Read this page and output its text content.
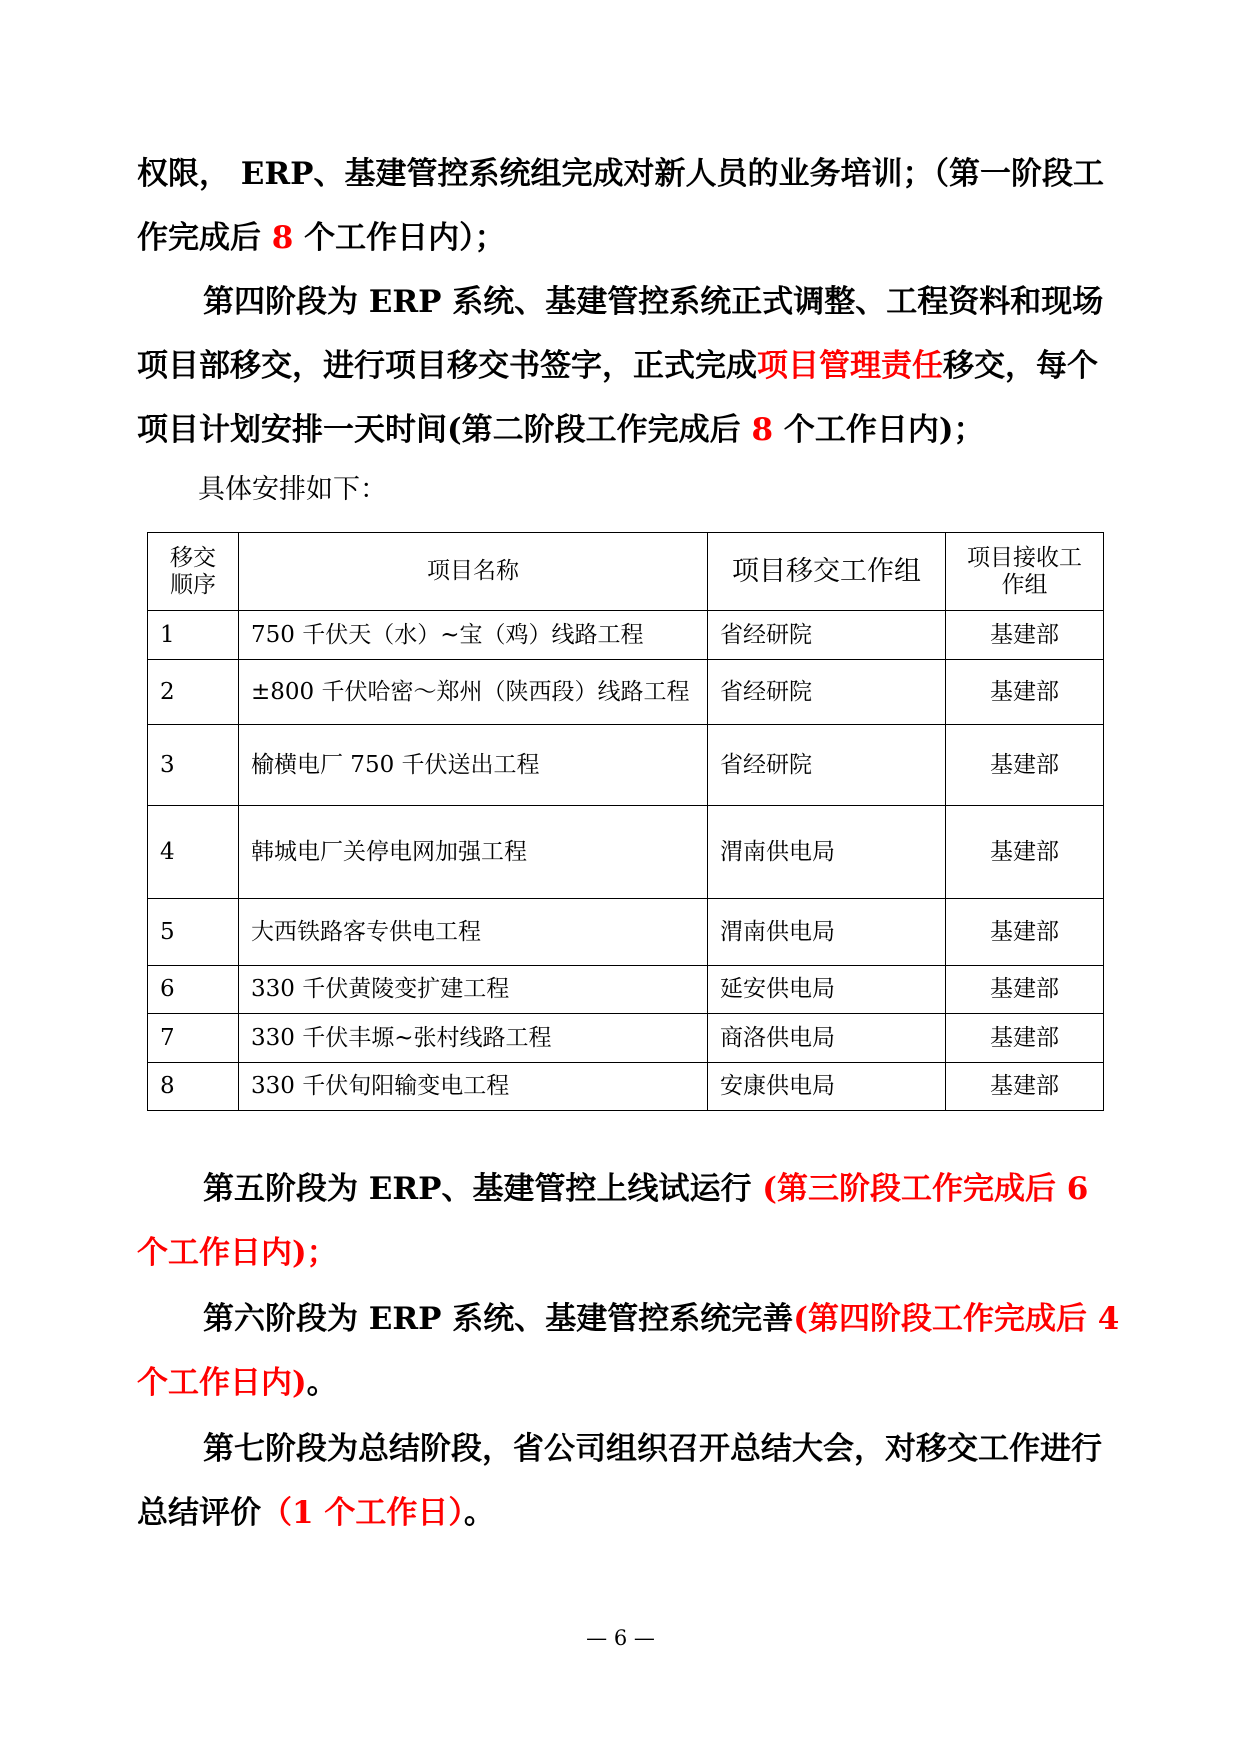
权限， ERP、基建管控系统组完成对新人员的业务培训；（第一阶段工作完成后 8 个工作日内）；

第四阶段为 ERP 系统、基建管控系统正式调整、工程资料和现场项目部移交，进行项目移交书签字，正式完成项目管理责任移交，每个项目计划安排一天时间(第二阶段工作完成后 8 个工作日内)；

具体安排如下：

移交顺序	项目名称	项目移交工作组	项目接收工作组
1	750 千伏天（水）~宝（鸡）线路工程	省经研院	基建部
2	±800 千伏哈密～郑州（陕西段）线路工程	省经研院	基建部
3	榆横电厂 750 千伏送出工程	省经研院	基建部
4	韩城电厂关停电网加强工程	渭南供电局	基建部
5	大西铁路客专供电工程	渭南供电局	基建部
6	330 千伏黄陵变扩建工程	延安供电局	基建部
7	330 千伏丰塬~张村线路工程	商洛供电局	基建部
8	330 千伏旬阳输变电工程	安康供电局	基建部

第五阶段为 ERP、基建管控上线试运行 (第三阶段工作完成后 6 个工作日内)；

第六阶段为 ERP 系统、基建管控系统完善(第四阶段工作完成后 4 个工作日内)。

第七阶段为总结阶段，省公司组织召开总结大会，对移交工作进行总结评价（1 个工作日）。

— 6 —
